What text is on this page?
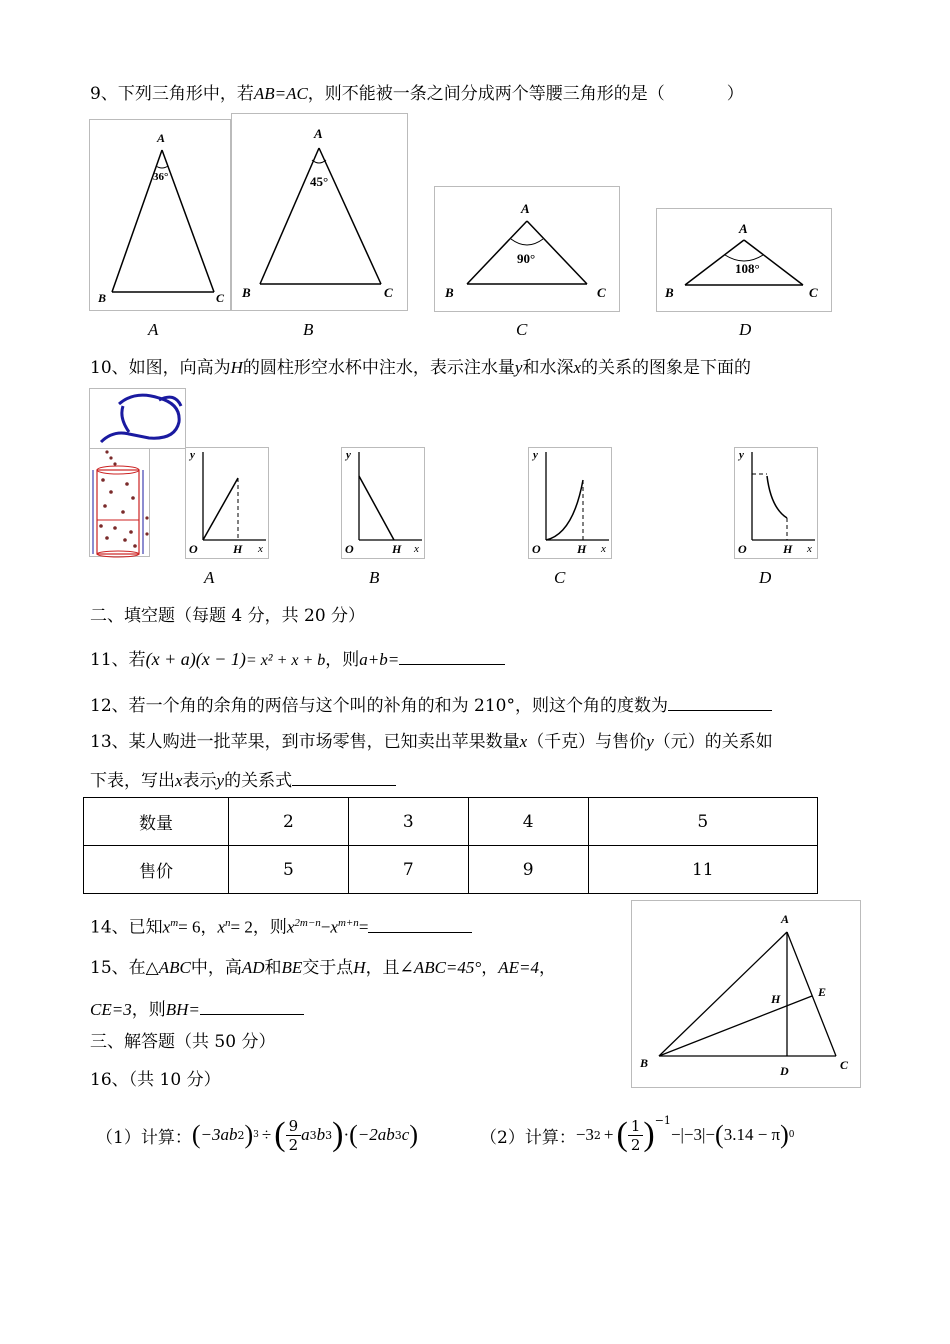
9、下列三角形中，若AB=AC，则不能被一条之间分成两个等腰三角形的是（	）
A
36°
B	C
A
A
45°
B	C
B
A
90°
B	C
C
A
108°
B	C
D
10、如图，向高为H的圆柱形空水杯中注水，表示注水量y和水深x的关系的图象是下面的
y
O	H x
A
y
O	H x
B
y
O	H x
C
y
O	H x
D
二、填空题（每题 4 分，共 20 分）
11、若(x + a)(x − 1)= x² + x + b，则a+b=
12、若一个角的余角的两倍与这个叫的补角的和为 210°，则这个角的度数为
13、某人购进一批苹果，到市场零售，已知卖出苹果数量x（千克）与售价y（元）的关系如
下表，写出x表示y的关系式
数量	2	3	4	5
售价	5	7	9	11
14、已知$x^m= 6$，$x^n= 2$，则$x^{2m-n}-x^{m+n}=$
15、在△ABC中，高AD和BE交于点H，且∠ABC=45°，AE=4，
CE=3，则BH=
A
B	C
D
E
H
三、解答题（共 50 分）
16、（共 10 分）
（1）计算： ( −3ab 2 ) 3 ÷ ( 9
2
a 3 b 3 ) · ( −2ab 3 c )	（2）计算： −3 2 + ( 1
2 )$^{-1}$
−|−3|− ( 3.14 − π ) 0
